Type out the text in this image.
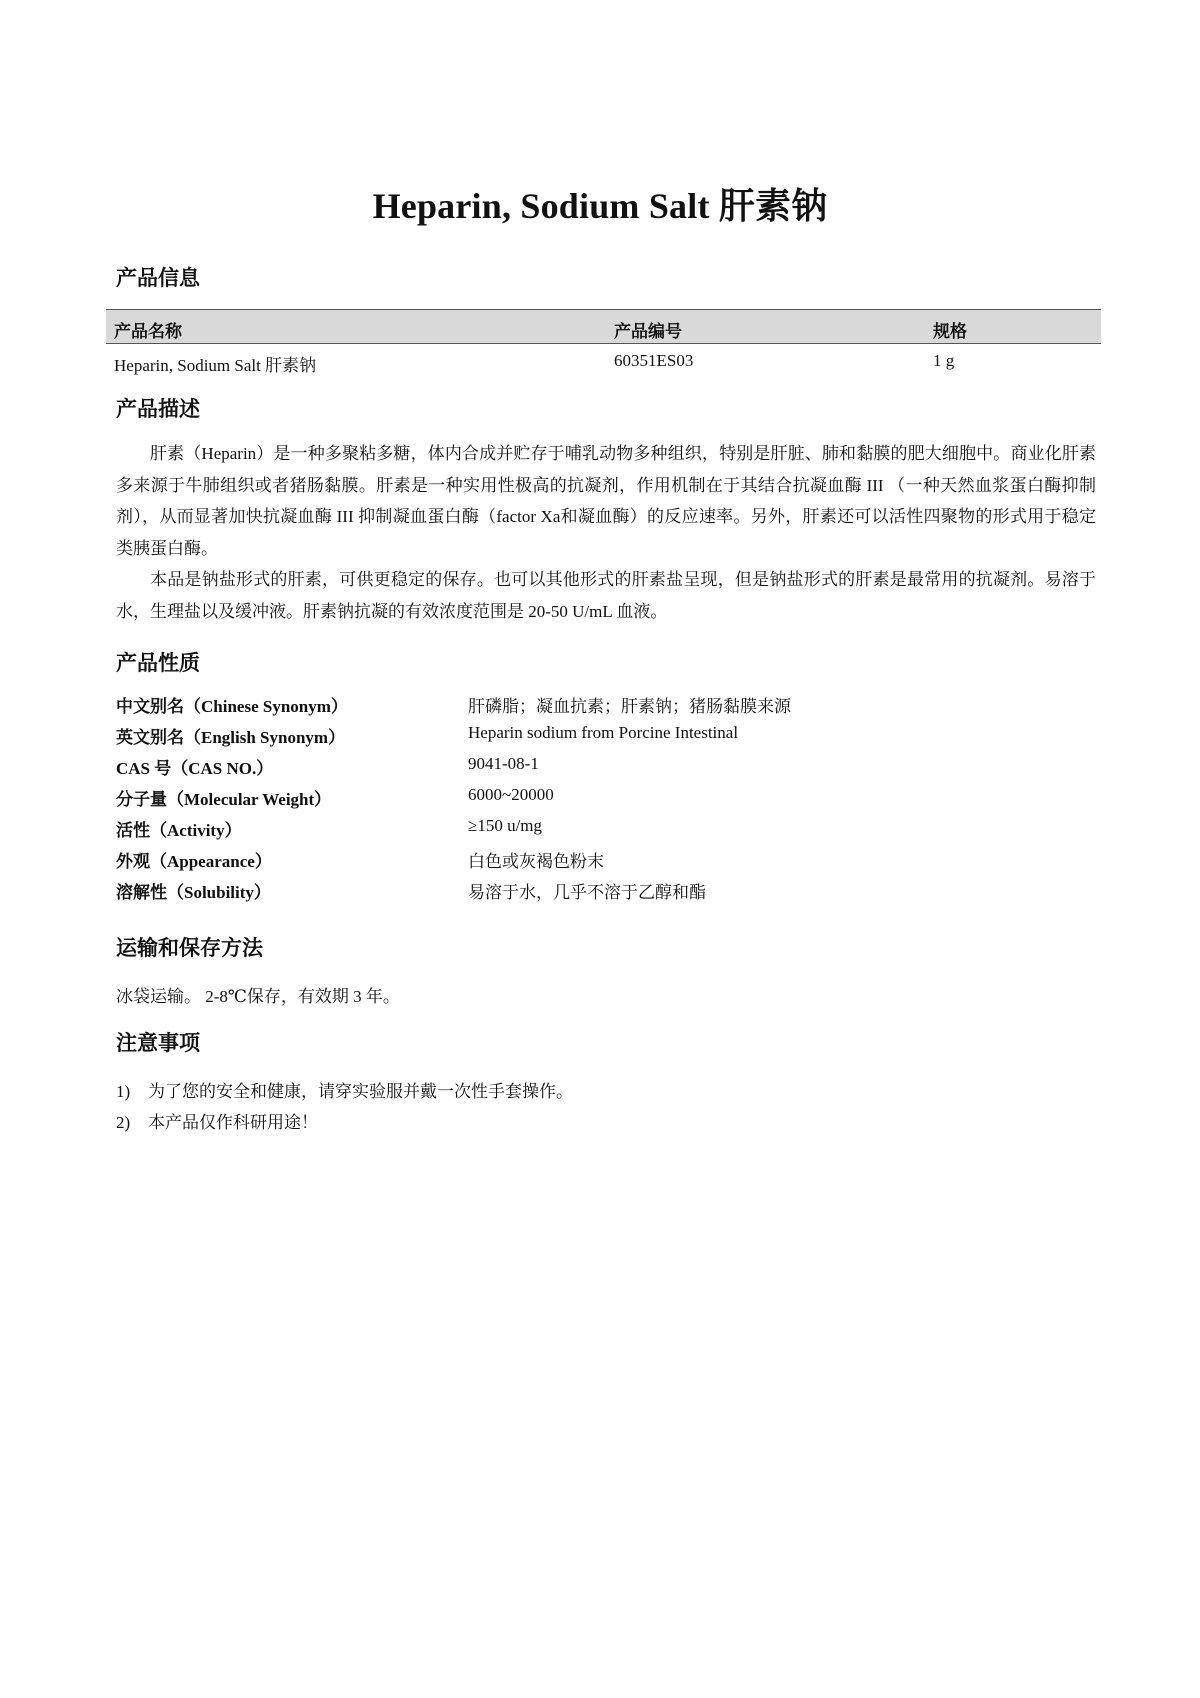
Heparin, Sodium Salt 肝素钠
产品信息
产品名称	产品编号	规格
Heparin, Sodium Salt 肝素钠	60351ES03	1 g
产品描述

肝素（Heparin）是一种多聚粘多糖，体内合成并贮存于哺乳动物多种组织，特别是肝脏、肺和黏膜的肥大细胞中。商业化肝素多来源于牛肺组织或者猪肠黏膜。肝素是一种实用性极高的抗凝剂，作用机制在于其结合抗凝血酶 III （一种天然血浆蛋白酶抑制剂），从而显著加快抗凝血酶 III 抑制凝血蛋白酶（factor Xa和凝血酶）的反应速率。另外，肝素还可以活性四聚物的形式用于稳定类胰蛋白酶。

本品是钠盐形式的肝素，可供更稳定的保存。也可以其他形式的肝素盐呈现，但是钠盐形式的肝素是最常用的抗凝剂。易溶于水，生理盐以及缓冲液。肝素钠抗凝的有效浓度范围是 20-50 U/mL 血液。

产品性质
中文别名（Chinese Synonym）	肝磷脂；凝血抗素；肝素钠；猪肠黏膜来源
英文别名（English Synonym）	Heparin sodium from Porcine Intestinal
CAS 号（CAS NO.）	9041-08-1
分子量（Molecular Weight）	6000~20000
活性（Activity）	≥150 u/mg
外观（Appearance）	白色或灰褐色粉末
溶解性（Solubility）	易溶于水，几乎不溶于乙醇和酯
运输和保存方法
冰袋运输。 2-8℃保存，有效期 3 年。
注意事项
1) 为了您的安全和健康，请穿实验服并戴一次性手套操作。
2) 本产品仅作科研用途！
